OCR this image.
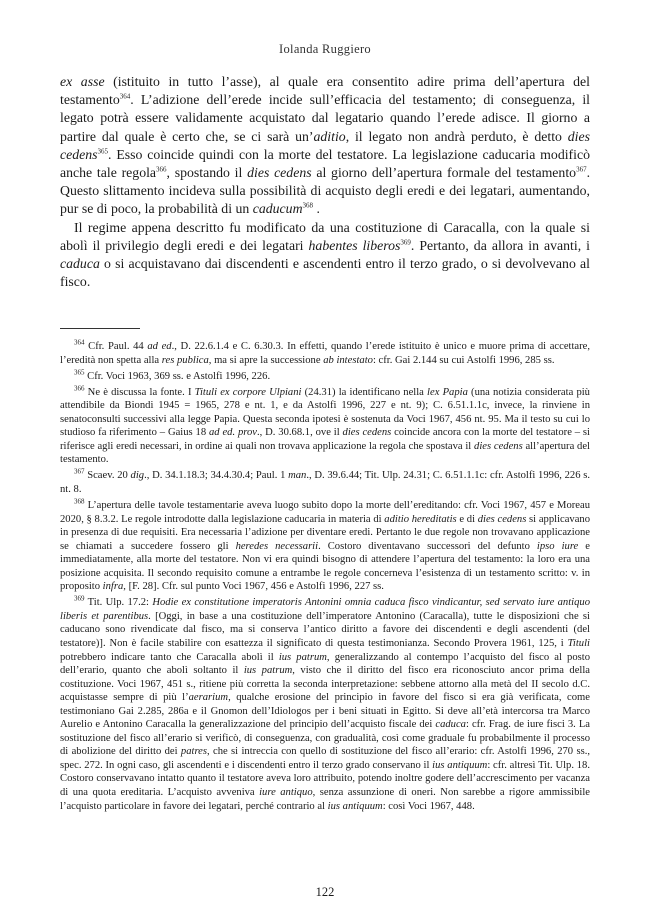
Iolanda Ruggiero

ex asse (istituito in tutto l’asse), al quale era consentito adire prima dell’apertura del testamento$^{364}$. L’adizione dell’erede incide sull’efficacia del testamento; di conseguenza, il legato potrà essere validamente acquistato dal legatario quando l’erede adisce. Il giorno a partire dal quale è certo che, se ci sarà un’aditio, il legato non andrà perduto, è detto dies cedens$^{365}$. Esso coincide quindi con la morte del testatore. La legislazione caducaria modificò anche tale regola$^{366}$, spostando il dies cedens al giorno dell’apertura formale del testamento$^{367}$. Questo slittamento incideva sulla possibilità di acquisto degli eredi e dei legatari, aumentando, pur se di poco, la probabilità di un caducum$^{368}$ .

Il regime appena descritto fu modificato da una costituzione di Caracalla, con la quale si abolì il privilegio degli eredi e dei legatari habentes liberos$^{369}$. Pertanto, da allora in avanti, i caduca o si acquistavano dai discendenti e ascendenti entro il terzo grado, o si devolvevano al fisco.

$^{364}$ Cfr. Paul. 44 ad ed., D. 22.6.1.4 e C. 6.30.3. In effetti, quando l’erede istituito è unico e muore prima di accettare, l’eredità non spetta alla res publica, ma si apre la successione ab intestato: cfr. Gai 2.144 su cui Astolfi 1996, 285 ss.

$^{365}$ Cfr. Voci 1963, 369 ss. e Astolfi 1996, 226.

$^{366}$ Ne è discussa la fonte. I Tituli ex corpore Ulpiani (24.31) la identificano nella lex Papia (una notizia considerata più attendibile da Biondi 1945 = 1965, 278 e nt. 1, e da Astolfi 1996, 227 e nt. 9); C. 6.51.1.1c, invece, la rinviene in senatoconsulti successivi alla legge Papia. Questa seconda ipotesi è sostenuta da Voci 1967, 456 nt. 95. Ma il testo su cui lo studioso fa riferimento – Gaius 18 ad ed. prov., D. 30.68.1, ove il dies cedens coincide ancora con la morte del testatore – si riferisce agli eredi necessari, in ordine ai quali non trovava applicazione la regola che spostava il dies cedens all’apertura del testamento.

$^{367}$ Scaev. 20 dig., D. 34.1.18.3; 34.4.30.4; Paul. 1 man., D. 39.6.44; Tit. Ulp. 24.31; C. 6.51.1.1c: cfr. Astolfi 1996, 226 s. nt. 8.

$^{368}$ L’apertura delle tavole testamentarie aveva luogo subito dopo la morte dell’ereditando: cfr. Voci 1967, 457 e Moreau 2020, § 8.3.2. Le regole introdotte dalla legislazione caducaria in materia di aditio hereditatis e di dies cedens si applicavano in presenza di due requisiti. Era necessaria l’adizione per diventare eredi. Pertanto le due regole non trovavano applicazione se chiamati a succedere fossero gli heredes necessarii. Costoro diventavano successori del defunto ipso iure e immediatamente, alla morte del testatore. Non vi era quindi bisogno di attendere l’apertura del testamento: la loro era una posizione acquisita. Il secondo requisito comune a entrambe le regole concerneva l’esistenza di un testamento scritto: v. in proposito infra, [F. 28]. Cfr. sul punto Voci 1967, 456 e Astolfi 1996, 227 ss.

$^{369}$ Tit. Ulp. 17.2: Hodie ex constitutione imperatoris Antonini omnia caduca fisco vindicantur, sed servato iure antiquo liberis et parentibus. [Oggi, in base a una costituzione dell’imperatore Antonino (Caracalla), tutte le disposizioni che si caducano sono rivendicate dal fisco, ma si conserva l’antico diritto a favore dei discendenti e degli ascendenti (del testatore)]. Non è facile stabilire con esattezza il significato di questa testimonianza. Secondo Provera 1961, 125, i Tituli potrebbero indicare tanto che Caracalla abolì il ius patrum, generalizzando al contempo l’acquisto del fisco al posto dell’erario, quanto che abolì soltanto il ius patrum, visto che il diritto del fisco era riconosciuto ancor prima della costituzione. Voci 1967, 451 s., ritiene più corretta la seconda interpretazione: sebbene attorno alla metà del II secolo d.C. acquistasse sempre di più l’aerarium, qualche erosione del principio in favore del fisco si era già verificata, come testimoniano Gai 2.285, 286a e il Gnomon dell’Idiologos per i beni situati in Egitto. Si deve all’età intercorsa tra Marco Aurelio e Antonino Caracalla la generalizzazione del principio dell’acquisto fiscale dei caduca: cfr. Frag. de iure fisci 3. La sostituzione del fisco all’erario si verificò, di conseguenza, con gradualità, così come graduale fu probabilmente il processo di abolizione del diritto dei patres, che si intreccia con quello di sostituzione del fisco all’erario: cfr. Astolfi 1996, 270 ss., spec. 272. In ogni caso, gli ascendenti e i discendenti entro il terzo grado conservano il ius antiquum: cfr. altresì Tit. Ulp. 18. Costoro conservavano intatto quanto il testatore aveva loro attribuito, potendo inoltre godere dell’accrescimento per vacanza di una quota ereditaria. L’acquisto avveniva iure antiquo, senza assunzione di oneri. Non sarebbe a rigore ammissibile l’acquisto particolare in favore dei legatari, perché contrario al ius antiquum: così Voci 1967, 448.

122
